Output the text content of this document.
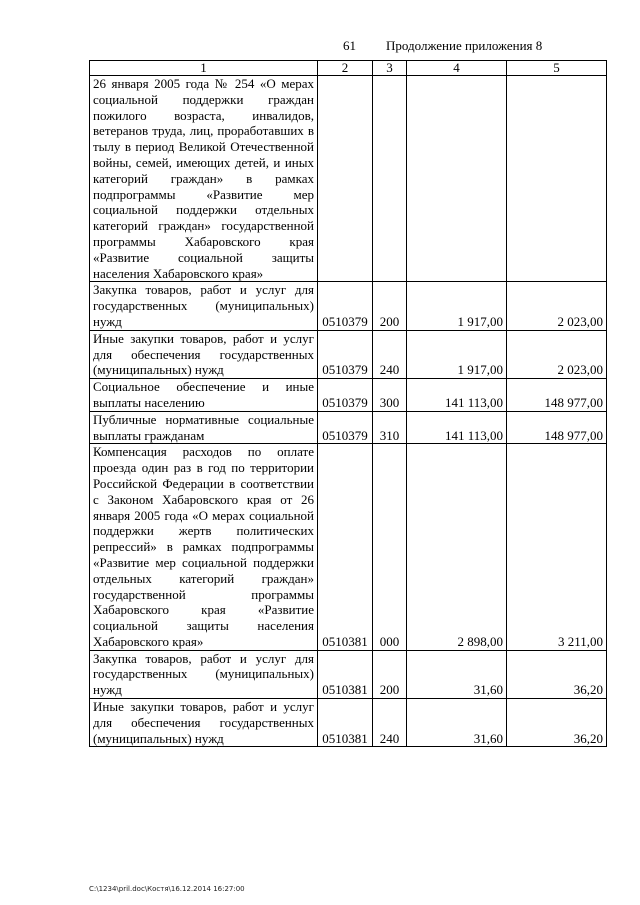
61 Продолжение приложения 8
1	2	3	4	5
26 января 2005 года № 254 «О мерах социальной поддержки граждан пожилого возраста, инвалидов, ветеранов труда, лиц, проработавших в тылу в период Великой Отечественной войны, семей, имеющих детей, и иных категорий граждан» в рамках подпрограммы «Развитие мер социальной поддержки отдельных категорий граждан» государственной программы Хабаровского края «Развитие социальной защиты населения Хабаровского края»				
Закупка товаров, работ и услуг для государственных (муниципальных) нужд	0510379	200	1 917,00	2 023,00
Иные закупки товаров, работ и услуг для обеспечения государственных (муниципальных) нужд	0510379	240	1 917,00	2 023,00
Социальное обеспечение и иные выплаты населению	0510379	300	141 113,00	148 977,00
Публичные нормативные социальные выплаты гражданам	0510379	310	141 113,00	148 977,00
Компенсация расходов по оплате проезда один раз в год по территории Российской Федерации в соответствии с Законом Хабаровского края от 26 января 2005 года «О мерах социальной поддержки жертв политических репрессий» в рамках подпрограммы «Развитие мер социальной поддержки отдельных категорий граждан» государственной программы Хабаровского края «Развитие социальной защиты населения Хабаровского края»	0510381	000	2 898,00	3 211,00
Закупка товаров, работ и услуг для государственных (муниципальных) нужд	0510381	200	31,60	36,20
Иные закупки товаров, работ и услуг для обеспечения государственных (муниципальных) нужд	0510381	240	31,60	36,20
C:\1234\pril.doc\Костя\16.12.2014 16:27:00
